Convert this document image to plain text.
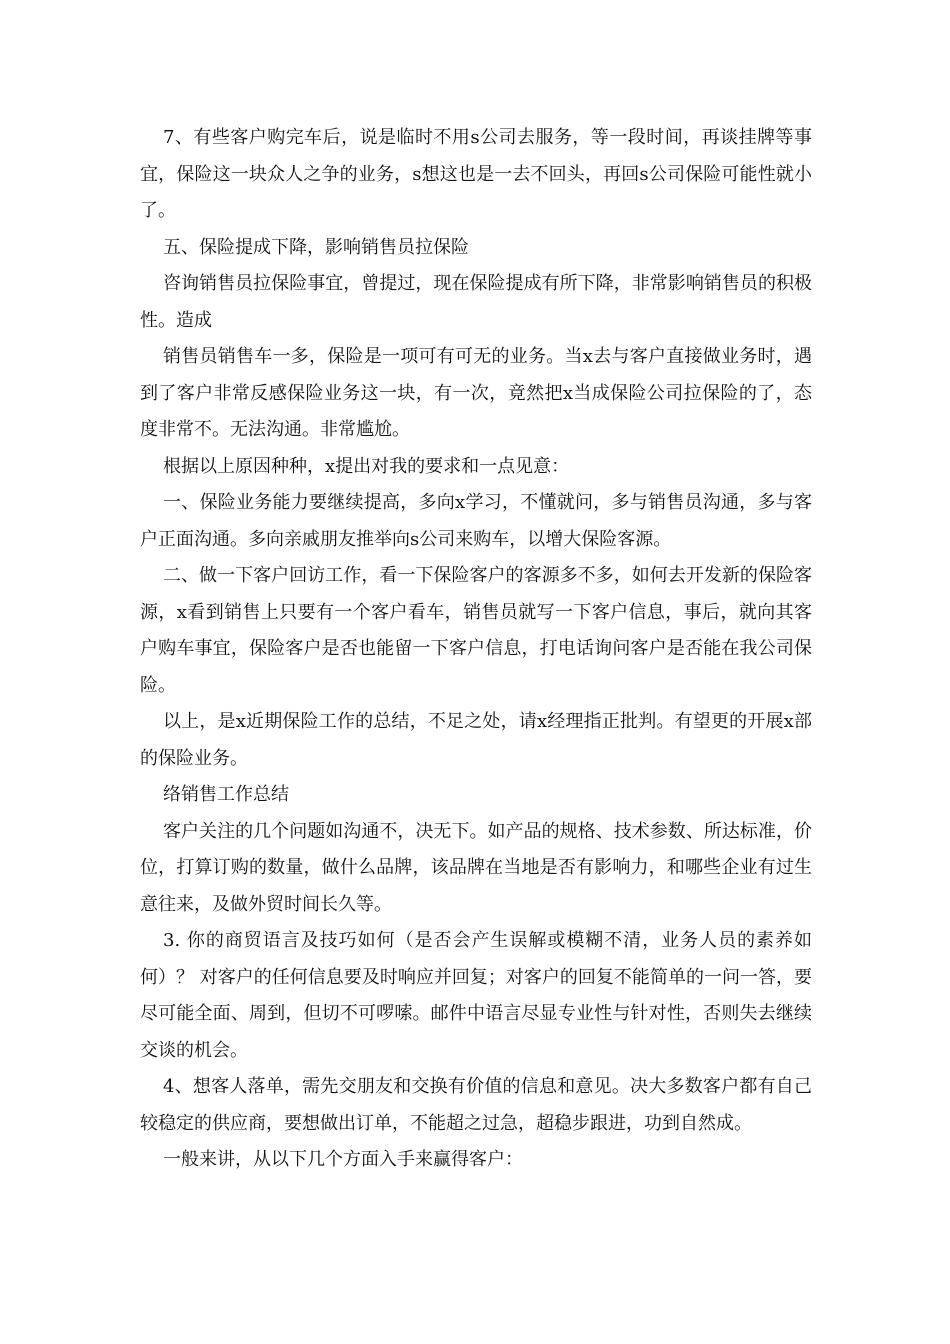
7、有些客户购完车后，说是临时不用s公司去服务，等一段时间，再谈挂牌等事宜，保险这一块众人之争的业务，s想这也是一去不回头，再回s公司保险可能性就小了。

五、保险提成下降，影响销售员拉保险

咨询销售员拉保险事宜，曾提过，现在保险提成有所下降，非常影响销售员的积极性。造成

销售员销售车一多，保险是一项可有可无的业务。当x去与客户直接做业务时，遇到了客户非常反感保险业务这一块，有一次，竟然把x当成保险公司拉保险的了，态度非常不。无法沟通。非常尴尬。

根据以上原因种种，x提出对我的要求和一点见意：

一、保险业务能力要继续提高，多向x学习，不懂就问，多与销售员沟通，多与客户正面沟通。多向亲戚朋友推举向s公司来购车，以增大保险客源。

二、做一下客户回访工作，看一下保险客户的客源多不多，如何去开发新的保险客源，x看到销售上只要有一个客户看车，销售员就写一下客户信息，事后，就向其客户购车事宜，保险客户是否也能留一下客户信息，打电话询问客户是否能在我公司保险。

以上，是x近期保险工作的总结，不足之处，请x经理指正批判。有望更的开展x部的保险业务。

络销售工作总结

客户关注的几个问题如沟通不，决无下。如产品的规格、技术参数、所达标准，价位，打算订购的数量，做什么品牌，该品牌在当地是否有影响力，和哪些企业有过生意往来，及做外贸时间长久等。

3. 你的商贸语言及技巧如何（是否会产生误解或模糊不清，业务人员的素养如何）？ 对客户的任何信息要及时响应并回复；对客户的回复不能简单的一问一答，要尽可能全面、周到，但切不可啰嗦。邮件中语言尽显专业性与针对性，否则失去继续交谈的机会。

4、想客人落单，需先交朋友和交换有价值的信息和意见。决大多数客户都有自己较稳定的供应商，要想做出订单，不能超之过急，超稳步跟进，功到自然成。

一般来讲，从以下几个方面入手来赢得客户：
